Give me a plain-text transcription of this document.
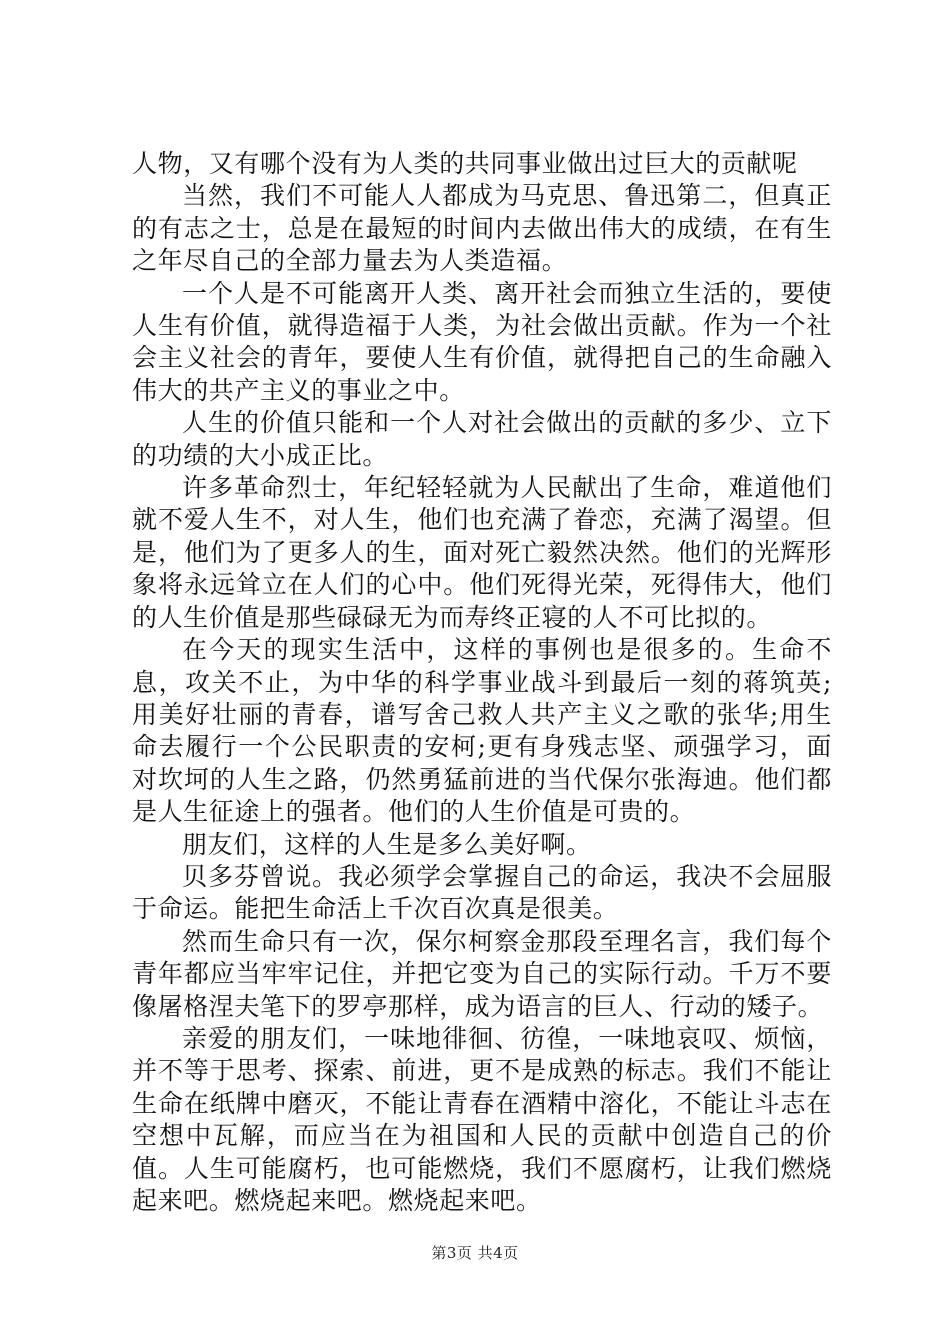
人物，又有哪个没有为人类的共同事业做出过巨大的贡献呢

当然，我们不可能人人都成为马克思、鲁迅第二，但真正的有志之士，总是在最短的时间内去做出伟大的成绩，在有生之年尽自己的全部力量去为人类造福。

一个人是不可能离开人类、离开社会而独立生活的，要使人生有价值，就得造福于人类，为社会做出贡献。作为一个社会主义社会的青年，要使人生有价值，就得把自己的生命融入伟大的共产主义的事业之中。

人生的价值只能和一个人对社会做出的贡献的多少、立下的功绩的大小成正比。

许多革命烈士，年纪轻轻就为人民献出了生命，难道他们就不爱人生不，对人生，他们也充满了眷恋，充满了渴望。但是，他们为了更多人的生，面对死亡毅然决然。他们的光辉形象将永远耸立在人们的心中。他们死得光荣，死得伟大，他们的人生价值是那些碌碌无为而寿终正寝的人不可比拟的。

在今天的现实生活中，这样的事例也是很多的。生命不息，攻关不止，为中华的科学事业战斗到最后一刻的蒋筑英;用美好壮丽的青春，谱写舍己救人共产主义之歌的张华;用生命去履行一个公民职责的安柯;更有身残志坚、顽强学习，面对坎坷的人生之路，仍然勇猛前进的当代保尔张海迪。他们都是人生征途上的强者。他们的人生价值是可贵的。

朋友们，这样的人生是多么美好啊。

贝多芬曾说。我必须学会掌握自己的命运，我决不会屈服于命运。能把生命活上千次百次真是很美。

然而生命只有一次，保尔柯察金那段至理名言，我们每个青年都应当牢牢记住，并把它变为自己的实际行动。千万不要像屠格涅夫笔下的罗亭那样，成为语言的巨人、行动的矮子。

亲爱的朋友们，一味地徘徊、彷徨，一味地哀叹、烦恼，并不等于思考、探索、前进，更不是成熟的标志。我们不能让生命在纸牌中磨灭，不能让青春在酒精中溶化，不能让斗志在空想中瓦解，而应当在为祖国和人民的贡献中创造自己的价值。人生可能腐朽，也可能燃烧，我们不愿腐朽，让我们燃烧起来吧。燃烧起来吧。燃烧起来吧。

第3页 共4页
